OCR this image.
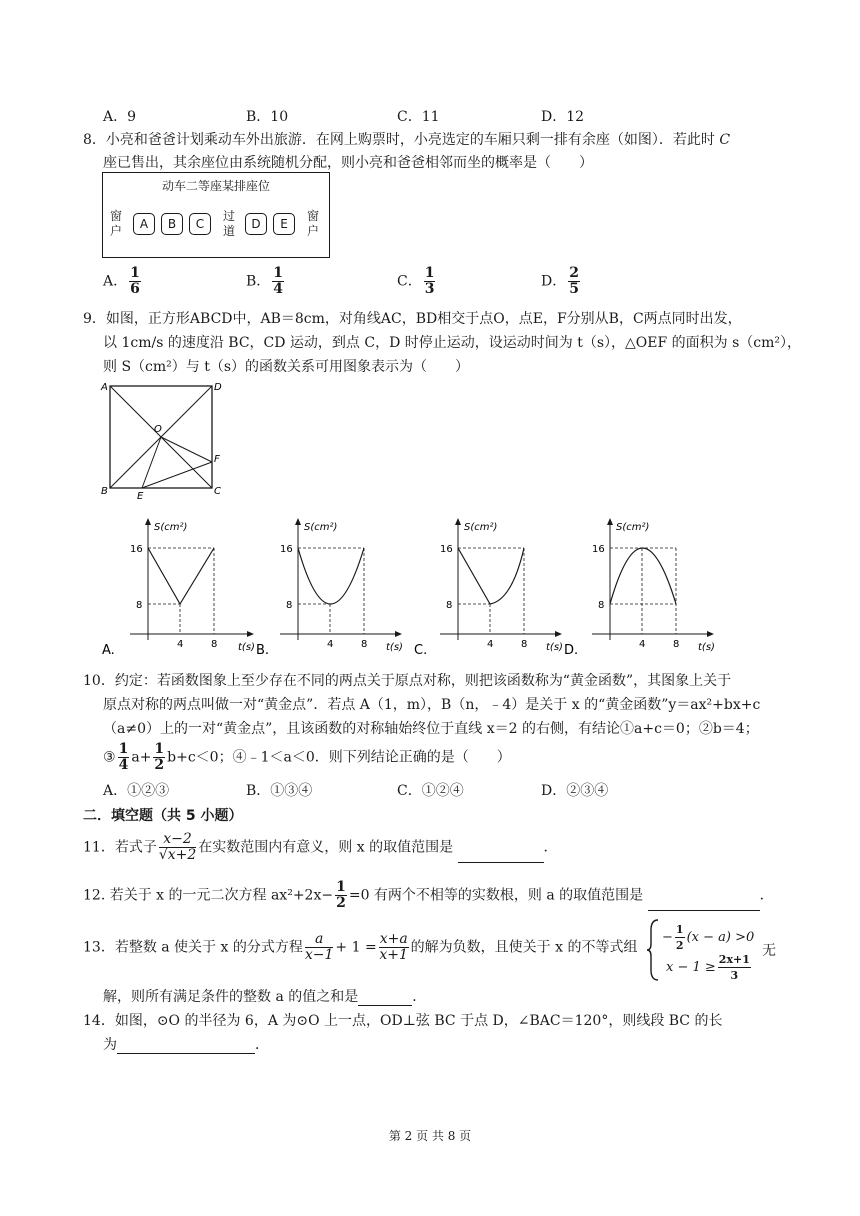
A．9	B．10	C．11	D．12
8．小亮和爸爸计划乘动车外出旅游．在网上购票时，小亮选定的车厢只剩一排有余座（如图）．若此时 C
座已售出，其余座位由系统随机分配，则小亮和爸爸相邻而坐的概率是（　　）
动车二等座某排座位
窗
户	A	B	C
过
道	D	E
窗
户
A． $\frac{1}{6}$	B． $\frac{1}{4}$	C． $\frac{1}{3}$	D． $\frac{2}{5}$
9．如图，正方形ABCD中，AB＝8cm，对角线AC，BD相交于点O，点E，F分别从B，C两点同时出发，
以 1cm/s 的速度沿 BC，CD 运动，到点 C，D 时停止运动，设运动时间为 t（s），△OEF 的面积为 s（cm²），
则 S（cm²）与 t（s）的函数关系可用图象表示为（　　）
A	D
O
F
B	E	C
S(cm²)
t(s)
16
8
4	8
A.
S(cm²)
t(s)
16
8
4	8
B.
S(cm²)
t(s)
16
8
4	8
C.
S(cm²)
t(s)
16
8
4	8
D.
10．约定：若函数图象上至少存在不同的两点关于原点对称，则把该函数称为“黄金函数”，其图象上关于
原点对称的两点叫做一对“黄金点”．若点 A（1，m），B（n，﹣4）是关于 x 的“黄金函数”y＝ax²+bx+c
（a≠0）上的一对“黄金点”，且该函数的对称轴始终位于直线 x＝2 的右侧，有结论①a+c＝0；②b＝4；
③ $\frac{1}{4} a+ \frac{1}{2} b+c<0$；④﹣1＜a＜0．则下列结论正确的是（　　）
A．①②③	B．①③④	C．①②④	D．②③④
二．填空题（共 5 小题）
11．若式子 $\frac{x-2}{√x+2}$ 在实数范围内有意义，则 x 的取值范围是	．
12. 若关于 x 的一元二次方程 $ax^2+2x- \frac{1}{2} =0$ 有两个不相等的实数根，则 a 的取值范围是	．
13．若整数 a 使关于 x 的分式方程 $\frac{a}{x-1} + 1 = \frac{x+a}{x+1}$ 的解为负数，且使关于 x 的不等式组
− $\frac{1}{2} (x - a) >0$
$x - 1 \ge \frac{2x+1}{3}$
无
解，则所有满足条件的整数 a 的值之和是	．
14．如图，⊙O 的半径为 6，A 为⊙O 上一点，OD⊥弦 BC 于点 D，∠BAC＝120°，则线段 BC 的长
为	．
第 2 页 共 8 页
